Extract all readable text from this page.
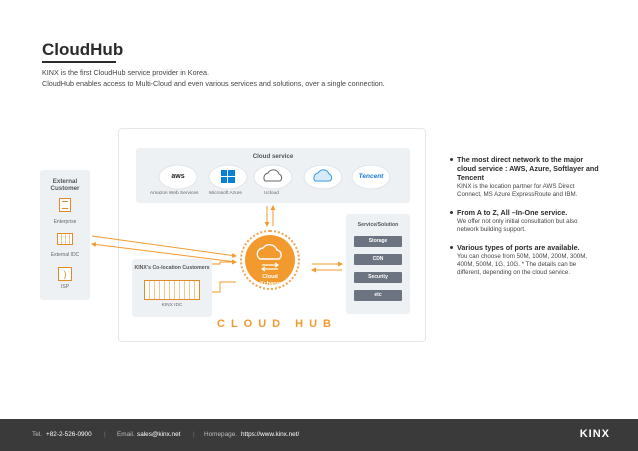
CloudHub
KINX is the first CloudHub service provider in Korea.
CloudHub enables access to Multi-Cloud and even various services and solutions, over a single connection.
External Customer
Enterprise
External IDC
)
ISP
Cloud service
aws	Tencent
Amazon Web Services Microsoft Azure	Ucloud
KINX's Co-location Customers
KINX IDC
Service/Solution
Storage
CDN
Security
etc
Cloud
eXchange
CLOUD HUB
The most direct network to the major cloud service : AWS, Azure, Softlayer and Tencent
KINX is the location partner for AWS Direct Connect, MS Azure ExpressRoute and IBM.
From A to Z, All –In-One service.
We offer not only initial consultation but also network building support.
Various types of ports are available.
You can choose from 50M, 100M, 200M, 300M, 400M, 500M, 1G, 10G. * The details can be different, depending on the cloud service.
Tel. +82-2-526-0900 | Email. sales@kinx.net | Homepage. https://www.kinx.net/	KINX
